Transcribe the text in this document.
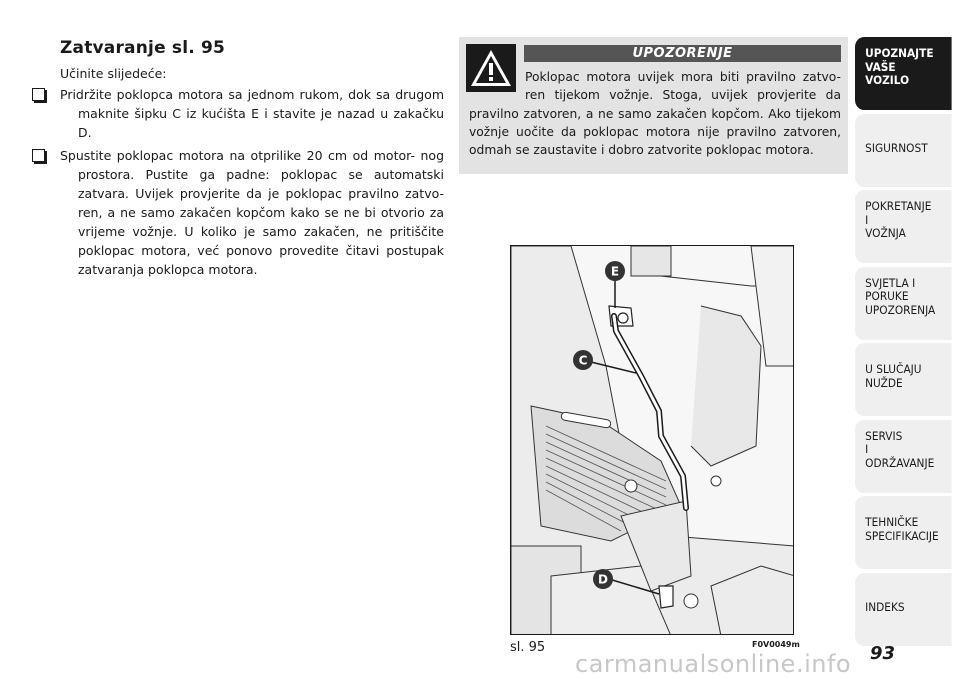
Zatvaranje sl. 95
Učinite slijedeće:
Pridržite poklopca motora sa jednom rukom, dok sa drugom maknite šipku C iz kućišta E i stavite je nazad u zakačku D.
Spustite poklopac motora na otprilike 20 cm od motor- nog prostora. Pustite ga padne: poklopac se automatski zatvara. Uvijek provjerite da je poklopac pravilno zatvo- ren, a ne samo zakačen kopčom kako se ne bi otvorio za vrijeme vožnje. U koliko je samo zakačen, ne pritiščite poklopac motora, već ponovo provedite čitavi postupak zatvaranja poklopca motora.
UPOZORENJE
Poklopac motora uvijek mora biti pravilno zatvo- ren tijekom vožnje. Stoga, uvijek provjerite da pravilno zatvoren, a ne samo zakačen kopčom. Ako tijekom vožnje uočite da poklopac motora nije pravilno zatvoren, odmah se zaustavite i dobro zatvorite poklopac motora.
E
C
D
sl. 95	F0V0049m
UPOZNAJTE
VAŠE
VOZILO
SIGURNOST
POKRETANJE
I
VOŽNJA
SVJETLA I
PORUKE
UPOZORENJA
U SLUČAJU
NUŽDE
SERVIS
I
ODRŽAVANJE
TEHNIČKE
SPECIFIKACIJE
INDEKS
93
carmanualsonline.info
